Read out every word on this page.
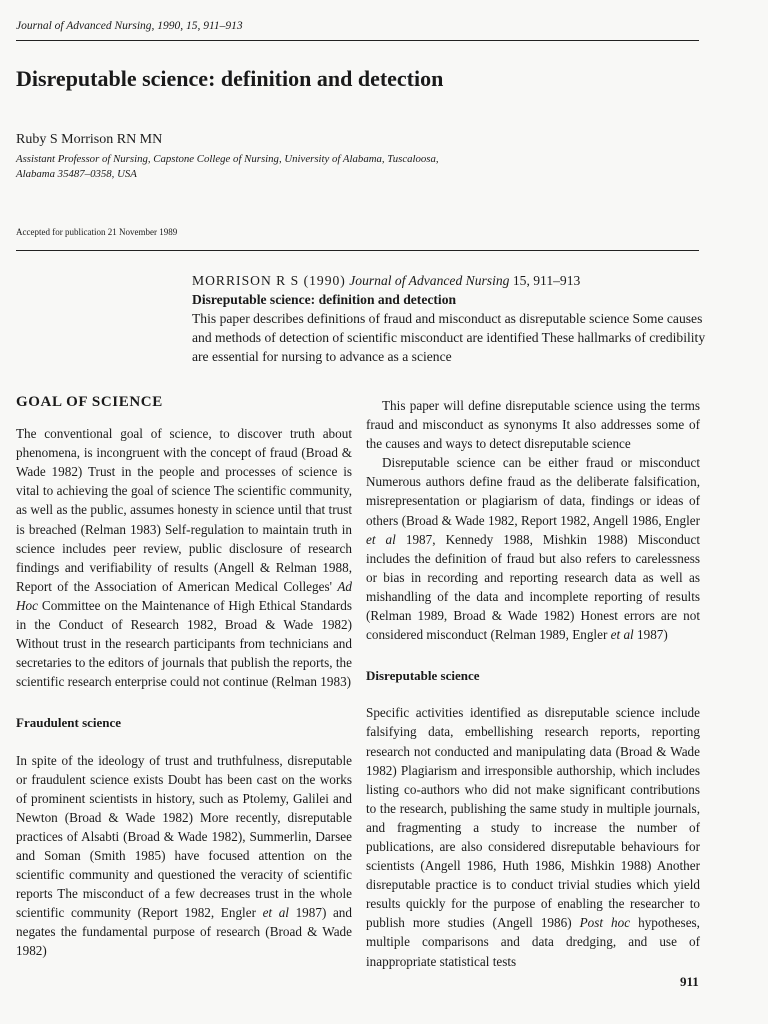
Journal of Advanced Nursing, 1990, 15, 911–913
Disreputable science: definition and detection
Ruby S Morrison RN MN
Assistant Professor of Nursing, Capstone College of Nursing, University of Alabama, Tuscaloosa, Alabama 35487–0358, USA
Accepted for publication 21 November 1989
MORRISON R S (1990) Journal of Advanced Nursing 15, 911–913
Disreputable science: definition and detection
This paper describes definitions of fraud and misconduct as disreputable science Some causes and methods of detection of scientific misconduct are identified These hallmarks of credibility are essential for nursing to advance as a science

GOAL OF SCIENCE

The conventional goal of science, to discover truth about phenomena, is incongruent with the concept of fraud (Broad & Wade 1982) Trust in the people and processes of science is vital to achieving the goal of science The scientific community, as well as the public, assumes honesty in science until that trust is breached (Relman 1983) Self-regulation to maintain truth in science includes peer review, public disclosure of research findings and verifiability of results (Angell & Relman 1988, Report of the Association of American Medical Colleges' Ad Hoc Committee on the Maintenance of High Ethical Standards in the Conduct of Research 1982, Broad & Wade 1982) Without trust in the research participants from technicians and secretaries to the editors of journals that publish the reports, the scientific research enterprise could not continue (Relman 1983)

Fraudulent science

In spite of the ideology of trust and truthfulness, disreputable or fraudulent science exists Doubt has been cast on the works of prominent scientists in history, such as Ptolemy, Galilei and Newton (Broad & Wade 1982) More recently, disreputable practices of Alsabti (Broad & Wade 1982), Summerlin, Darsee and Soman (Smith 1985) have focused attention on the scientific community and questioned the veracity of scientific reports The misconduct of a few decreases trust in the whole scientific community (Report 1982, Engler et al 1987) and negates the fundamental purpose of research (Broad & Wade 1982)

This paper will define disreputable science using the terms fraud and misconduct as synonyms It also addresses some of the causes and ways to detect disreputable science

Disreputable science can be either fraud or misconduct Numerous authors define fraud as the deliberate falsification, misrepresentation or plagiarism of data, findings or ideas of others (Broad & Wade 1982, Report 1982, Angell 1986, Engler et al 1987, Kennedy 1988, Mishkin 1988) Misconduct includes the definition of fraud but also refers to carelessness or bias in recording and reporting research data as well as mishandling of the data and incomplete reporting of results (Relman 1989, Broad & Wade 1982) Honest errors are not considered misconduct (Relman 1989, Engler et al 1987)

Disreputable science

Specific activities identified as disreputable science include falsifying data, embellishing research reports, reporting research not conducted and manipulating data (Broad & Wade 1982) Plagiarism and irresponsible authorship, which includes listing co-authors who did not make significant contributions to the research, publishing the same study in multiple journals, and fragmenting a study to increase the number of publications, are also considered disreputable behaviours for scientists (Angell 1986, Huth 1986, Mishkin 1988) Another disreputable practice is to conduct trivial studies which yield results quickly for the purpose of enabling the researcher to publish more studies (Angell 1986) Post hoc hypotheses, multiple comparisons and data dredging, and use of inappropriate statistical tests

911
